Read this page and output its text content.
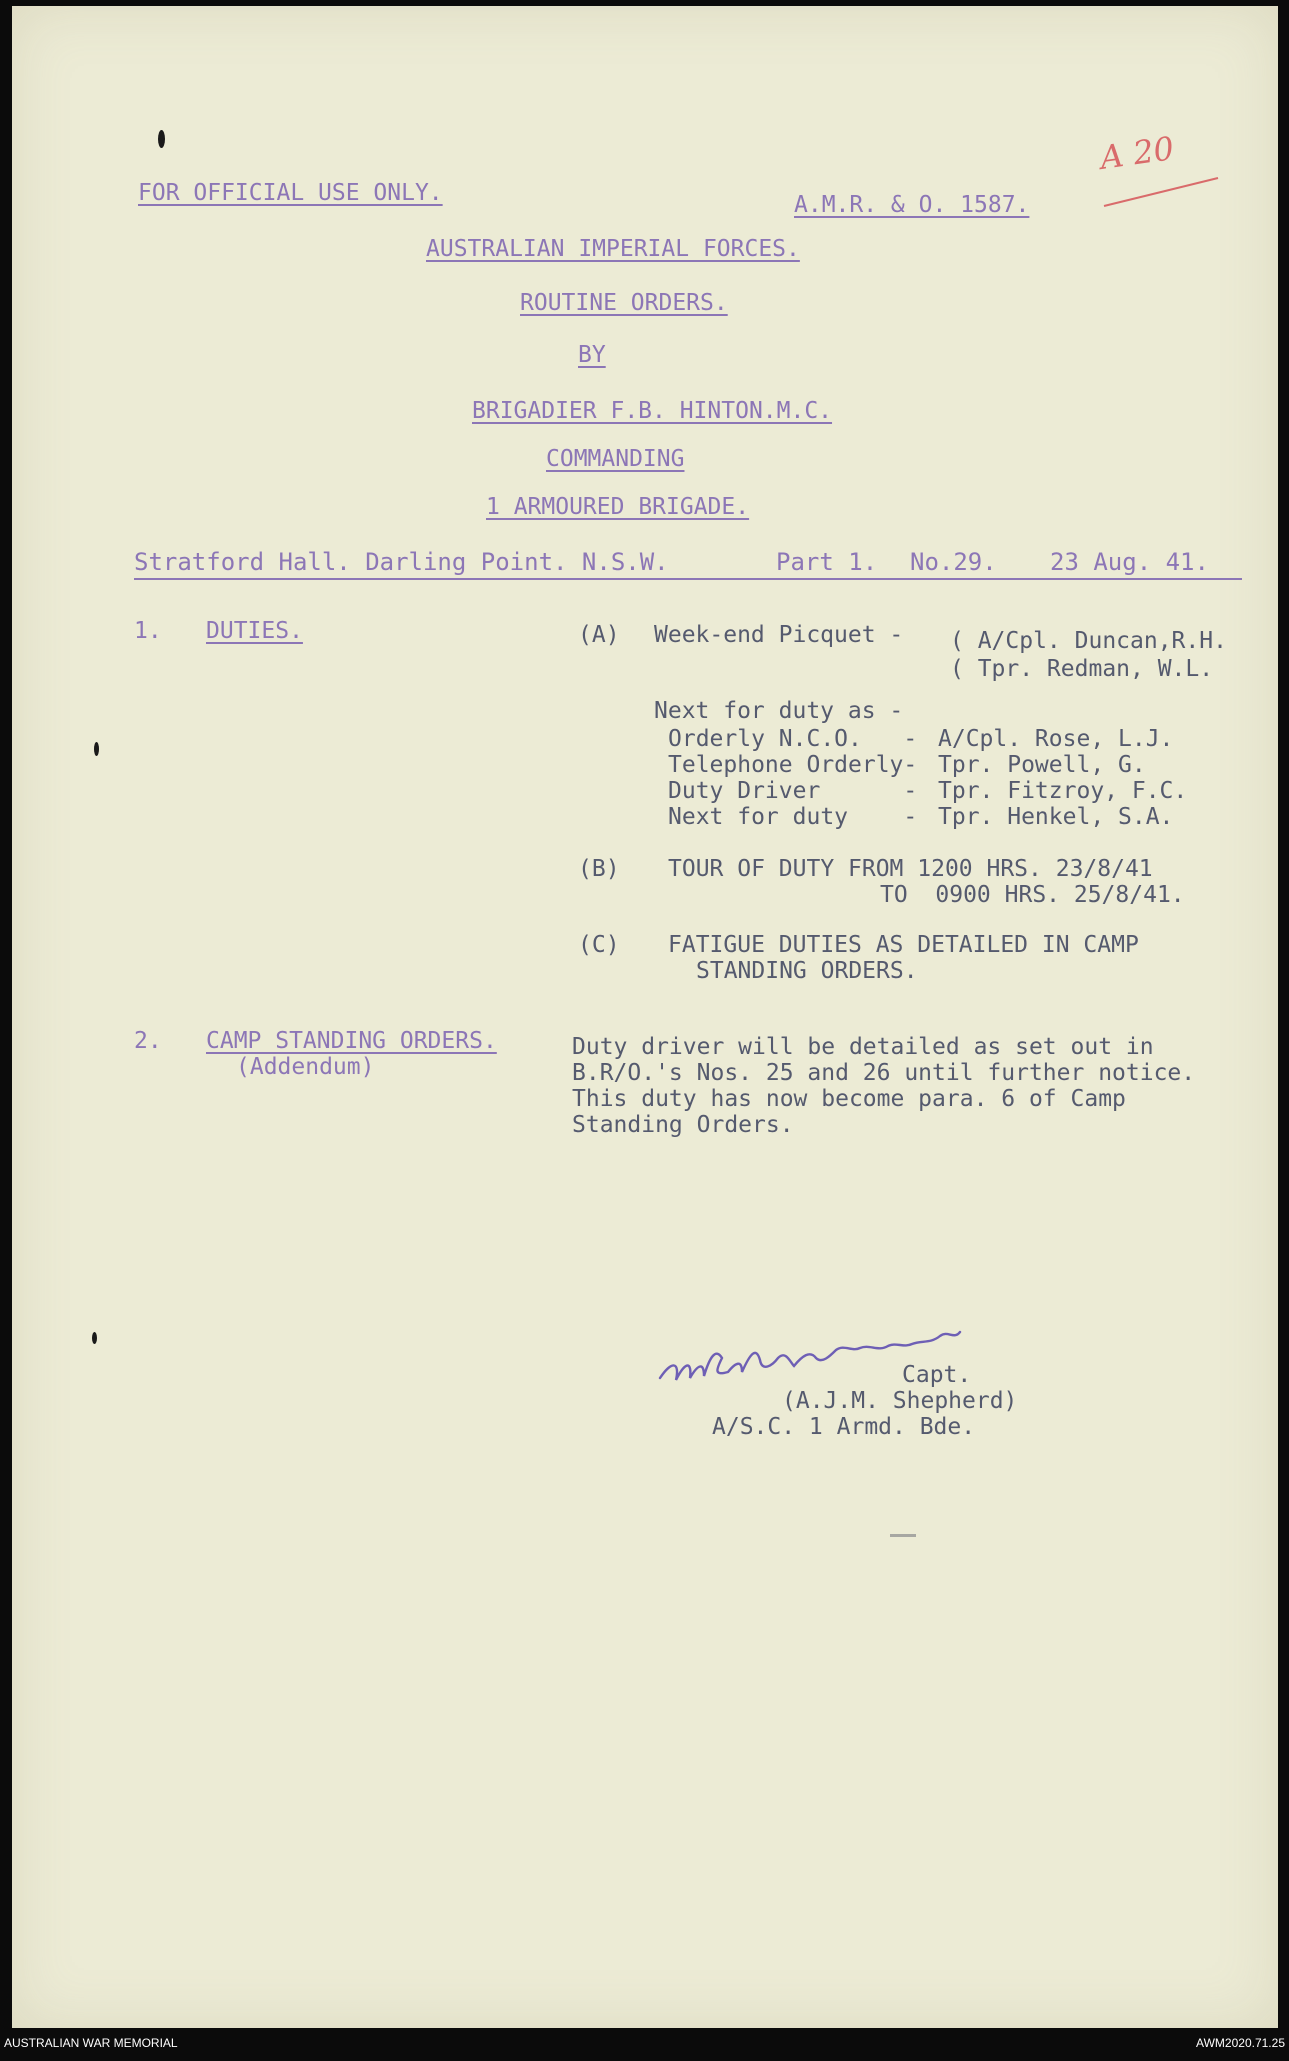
FOR OFFICIAL USE ONLY.	A.M.R. & O. 1587.
A 20
AUSTRALIAN IMPERIAL FORCES.
ROUTINE ORDERS.
BY
BRIGADIER F.B. HINTON.M.C.
COMMANDING
1 ARMOURED BRIGADE.
Stratford Hall. Darling Point. N.S.W.	Part 1. No.29. 23 Aug. 41.
1. DUTIES.	(A) Week-end Picquet - ( A/Cpl. Duncan,R.H.
( Tpr. Redman, W.L.
Next for duty as -
Orderly N.C.O.   - A/Cpl. Rose, L.J.
Telephone Orderly- Tpr. Powell, G.
Duty Driver      - Tpr. Fitzroy, F.C.
Next for duty    - Tpr. Henkel, S.A.
(B) TOUR OF DUTY FROM 1200 HRS. 23/8/41
TO  0900 HRS. 25/8/41.
(C) FATIGUE DUTIES AS DETAILED IN CAMP
STANDING ORDERS.
2. CAMP STANDING ORDERS.
(Addendum)
Duty driver will be detailed as set out in
B.R/O.'s Nos. 25 and 26 until further notice.
This duty has now become para. 6 of Camp
Standing Orders.
Capt.
(A.J.M. Shepherd)
A/S.C. 1 Armd. Bde.
AUSTRALIAN WAR MEMORIAL	AWM2020.71.25
